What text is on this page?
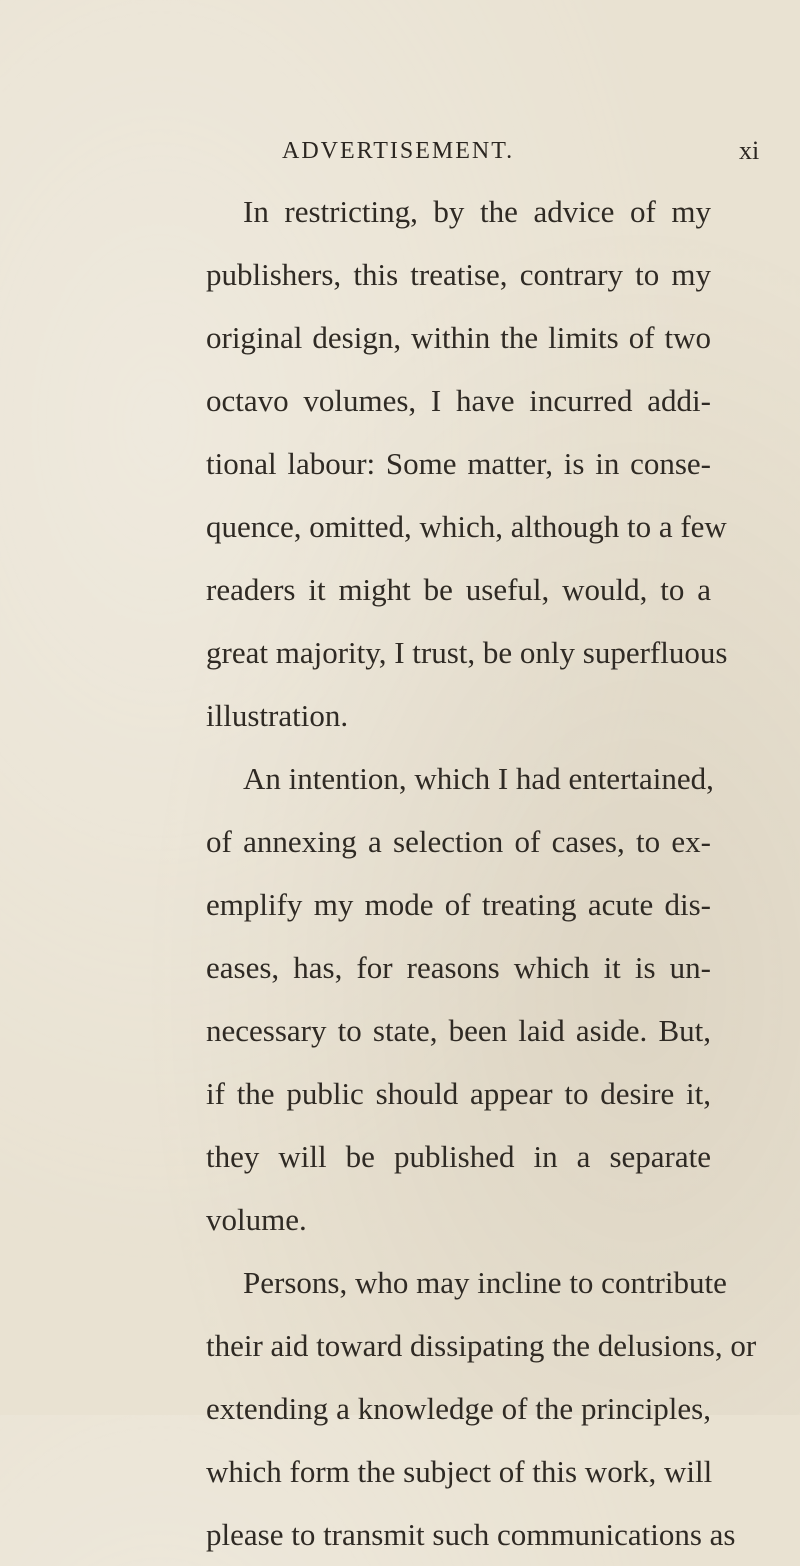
ADVERTISEMENT.	xi
In restricting, by the advice of my
publishers, this treatise, contrary to my
original design, within the limits of two
octavo volumes, I have incurred addi-
tional labour: Some matter, is in conse-
quence, omitted, which, although to a few
readers it might be useful, would, to a
great majority, I trust, be only superfluous
illustration.
An intention, which I had entertained,
of annexing a selection of cases, to ex-
emplify my mode of treating acute dis-
eases, has, for reasons which it is un-
necessary to state, been laid aside. But,
if the public should appear to desire it,
they will be published in a separate
volume.
Persons, who may incline to contribute
their aid toward dissipating the delusions, or
extending a knowledge of the principles,
which form the subject of this work, will
please to transmit such communications as
